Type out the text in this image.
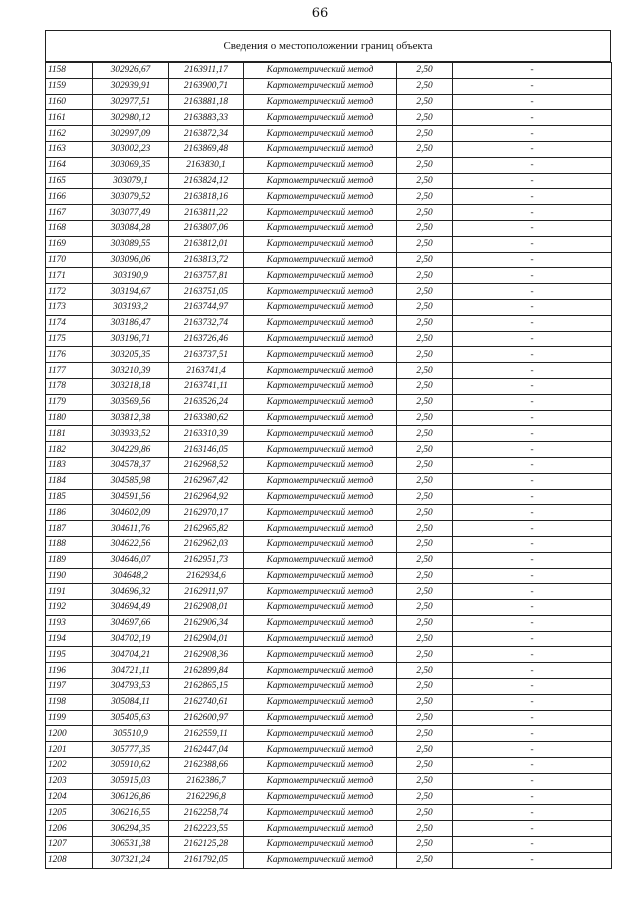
66
Сведения о местоположении границ объекта
1158	302926,67	2163911,17	Картометрический метод	2,50	-
1159	302939,91	2163900,71	Картометрический метод	2,50	-
1160	302977,51	2163881,18	Картометрический метод	2,50	-
1161	302980,12	2163883,33	Картометрический метод	2,50	-
1162	302997,09	2163872,34	Картометрический метод	2,50	-
1163	303002,23	2163869,48	Картометрический метод	2,50	-
1164	303069,35	2163830,1	Картометрический метод	2,50	-
1165	303079,1	2163824,12	Картометрический метод	2,50	-
1166	303079,52	2163818,16	Картометрический метод	2,50	-
1167	303077,49	2163811,22	Картометрический метод	2,50	-
1168	303084,28	2163807,06	Картометрический метод	2,50	-
1169	303089,55	2163812,01	Картометрический метод	2,50	-
1170	303096,06	2163813,72	Картометрический метод	2,50	-
1171	303190,9	2163757,81	Картометрический метод	2,50	-
1172	303194,67	2163751,05	Картометрический метод	2,50	-
1173	303193,2	2163744,97	Картометрический метод	2,50	-
1174	303186,47	2163732,74	Картометрический метод	2,50	-
1175	303196,71	2163726,46	Картометрический метод	2,50	-
1176	303205,35	2163737,51	Картометрический метод	2,50	-
1177	303210,39	2163741,4	Картометрический метод	2,50	-
1178	303218,18	2163741,11	Картометрический метод	2,50	-
1179	303569,56	2163526,24	Картометрический метод	2,50	-
1180	303812,38	2163380,62	Картометрический метод	2,50	-
1181	303933,52	2163310,39	Картометрический метод	2,50	-
1182	304229,86	2163146,05	Картометрический метод	2,50	-
1183	304578,37	2162968,52	Картометрический метод	2,50	-
1184	304585,98	2162967,42	Картометрический метод	2,50	-
1185	304591,56	2162964,92	Картометрический метод	2,50	-
1186	304602,09	2162970,17	Картометрический метод	2,50	-
1187	304611,76	2162965,82	Картометрический метод	2,50	-
1188	304622,56	2162962,03	Картометрический метод	2,50	-
1189	304646,07	2162951,73	Картометрический метод	2,50	-
1190	304648,2	2162934,6	Картометрический метод	2,50	-
1191	304696,32	2162911,97	Картометрический метод	2,50	-
1192	304694,49	2162908,01	Картометрический метод	2,50	-
1193	304697,66	2162906,34	Картометрический метод	2,50	-
1194	304702,19	2162904,01	Картометрический метод	2,50	-
1195	304704,21	2162908,36	Картометрический метод	2,50	-
1196	304721,11	2162899,84	Картометрический метод	2,50	-
1197	304793,53	2162865,15	Картометрический метод	2,50	-
1198	305084,11	2162740,61	Картометрический метод	2,50	-
1199	305405,63	2162600,97	Картометрический метод	2,50	-
1200	305510,9	2162559,11	Картометрический метод	2,50	-
1201	305777,35	2162447,04	Картометрический метод	2,50	-
1202	305910,62	2162388,66	Картометрический метод	2,50	-
1203	305915,03	2162386,7	Картометрический метод	2,50	-
1204	306126,86	2162296,8	Картометрический метод	2,50	-
1205	306216,55	2162258,74	Картометрический метод	2,50	-
1206	306294,35	2162223,55	Картометрический метод	2,50	-
1207	306531,38	2162125,28	Картометрический метод	2,50	-
1208	307321,24	2161792,05	Картометрический метод	2,50	-
